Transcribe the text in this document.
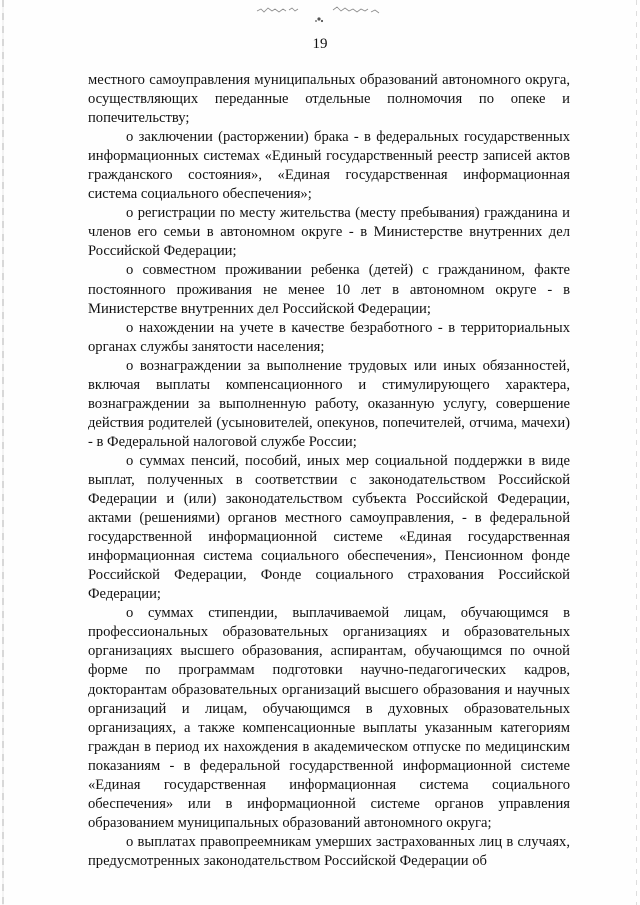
19

местного самоуправления муниципальных образований автономного округа, осуществляющих переданные отдельные полномочия по опеке и попечительству;

о заключении (расторжении) брака - в федеральных государственных информационных системах «Единый государственный реестр записей актов гражданского состояния», «Единая государственная информационная система социального обеспечения»;

о регистрации по месту жительства (месту пребывания) гражданина и членов его семьи в автономном округе - в Министерстве внутренних дел Российской Федерации;

о совместном проживании ребенка (детей) с гражданином, факте постоянного проживания не менее 10 лет в автономном округе - в Министерстве внутренних дел Российской Федерации;

о нахождении на учете в качестве безработного - в территориальных органах службы занятости населения;

о вознаграждении за выполнение трудовых или иных обязанностей, включая выплаты компенсационного и стимулирующего характера, вознаграждении за выполненную работу, оказанную услугу, совершение действия родителей (усыновителей, опекунов, попечителей, отчима, мачехи) - в Федеральной налоговой службе России;

о суммах пенсий, пособий, иных мер социальной поддержки в виде выплат, полученных в соответствии с законодательством Российской Федерации и (или) законодательством субъекта Российской Федерации, актами (решениями) органов местного самоуправления, - в федеральной государственной информационной системе «Единая государственная информационная система социального обеспечения», Пенсионном фонде Российской Федерации, Фонде социального страхования Российской Федерации;

о суммах стипендии, выплачиваемой лицам, обучающимся в профессиональных образовательных организациях и образовательных организациях высшего образования, аспирантам, обучающимся по очной форме по программам подготовки научно-педагогических кадров, докторантам образовательных организаций высшего образования и научных организаций и лицам, обучающимся в духовных образовательных организациях, а также компенсационные выплаты указанным категориям граждан в период их нахождения в академическом отпуске по медицинским показаниям - в федеральной государственной информационной системе «Единая государственная информационная система социального обеспечения» или в информационной системе органов управления образованием муниципальных образований автономного округа;

о выплатах правопреемникам умерших застрахованных лиц в случаях, предусмотренных законодательством Российской Федерации об
